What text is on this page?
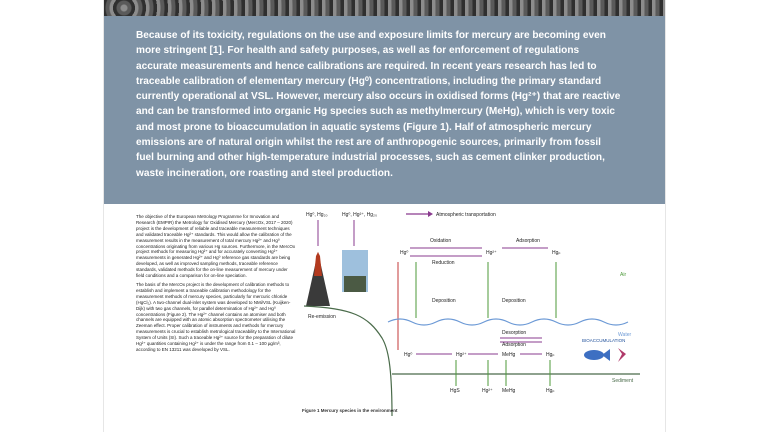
Because of its toxicity, regulations on the use and exposure limits for mercury are becoming even
more stringent [1]. For health and safety purposes, as well as for enforcement of regulations
accurate measurements and hence calibrations are required. In recent years research has led to
traceable calibration of elementary mercury (Hg⁰) concentrations, including the primary standard
currently operational at VSL. However, mercury also occurs in oxidised forms (Hg²⁺) that are reactive
and can be transformed into organic Hg species such as methylmercury (MeHg), which is very toxic
and most prone to bioaccumulation in aquatic systems (Figure 1). Half of atmospheric mercury
emissions are of natural origin whilst the rest are of anthropogenic sources, primarily from fossil
fuel burning and other high-temperature industrial processes, such as cement clinker production,
waste incineration, ore roasting and steel production.

The objective of the European Metrology Programme for Innovation and Research (EMPIR) the Metrology for Oxidised Mercury (MercOx, 2017 – 2020) project is the development of reliable and traceable measurement techniques and validated traceable Hg²⁺ standards. This would allow the calibration of the measurement results in the measurement of total mercury Hg²⁺ and Hg⁰ concentrations originating from various Hg sources. Furthermore, in the MercOx project methods for measuring Hg²⁺ and for accurately converting Hg²⁺ measurements in generated Hg²⁺ and Hg⁰ reference gas standards are being developed, as well as improved sampling methods, traceable reference standards, validated methods for the on-line measurement of mercury under field conditions and a comparison for on-line speciation.

The basis of the MercOx project is the development of calibration methods to establish and implement a traceable calibration methodology for the measurement methods of mercury species, particularly for mercuric chloride (HgCl₂). A two-channel dual-inlet system was developed to NMi/VSL (Kuijken-Dijk) with two gas channels, for parallel determination of Hg²⁺ and Hg⁰ concentrations (Figure 2). The Hg²⁺ channel contains an atomiser and both channels are equipped with an atomic absorption spectrometer utilising the Zeeman effect. Proper calibration of instruments and methods for mercury measurements is crucial to establish metrological traceability to the International System of Units (SI). Such a traceable Hg²⁺ source for the preparation of dilute Hg²⁺ quantities containing Hg²⁺ is under the range from 0.1 – 100 µg/m³, according to EN 13211 was developed by VSL.

Hg⁰, Hg₂₀	Hg⁰, Hg²⁺, Hg₂₀	Atmospheric transportation
Hg⁰
Oxidation
Reduction
Hg²⁺
Adsorption
Hgₚ
Deposition	Deposition
Air
Re-emission
Water
Desorption
Adsorption
Hg⁰	Hg²⁺	MeHg	Hgₚ
BIOACCUMULATION
Sediment
HgS	Hg²⁺ MeHg	Hgₚ
Figure 1 Mercury species in the environment
